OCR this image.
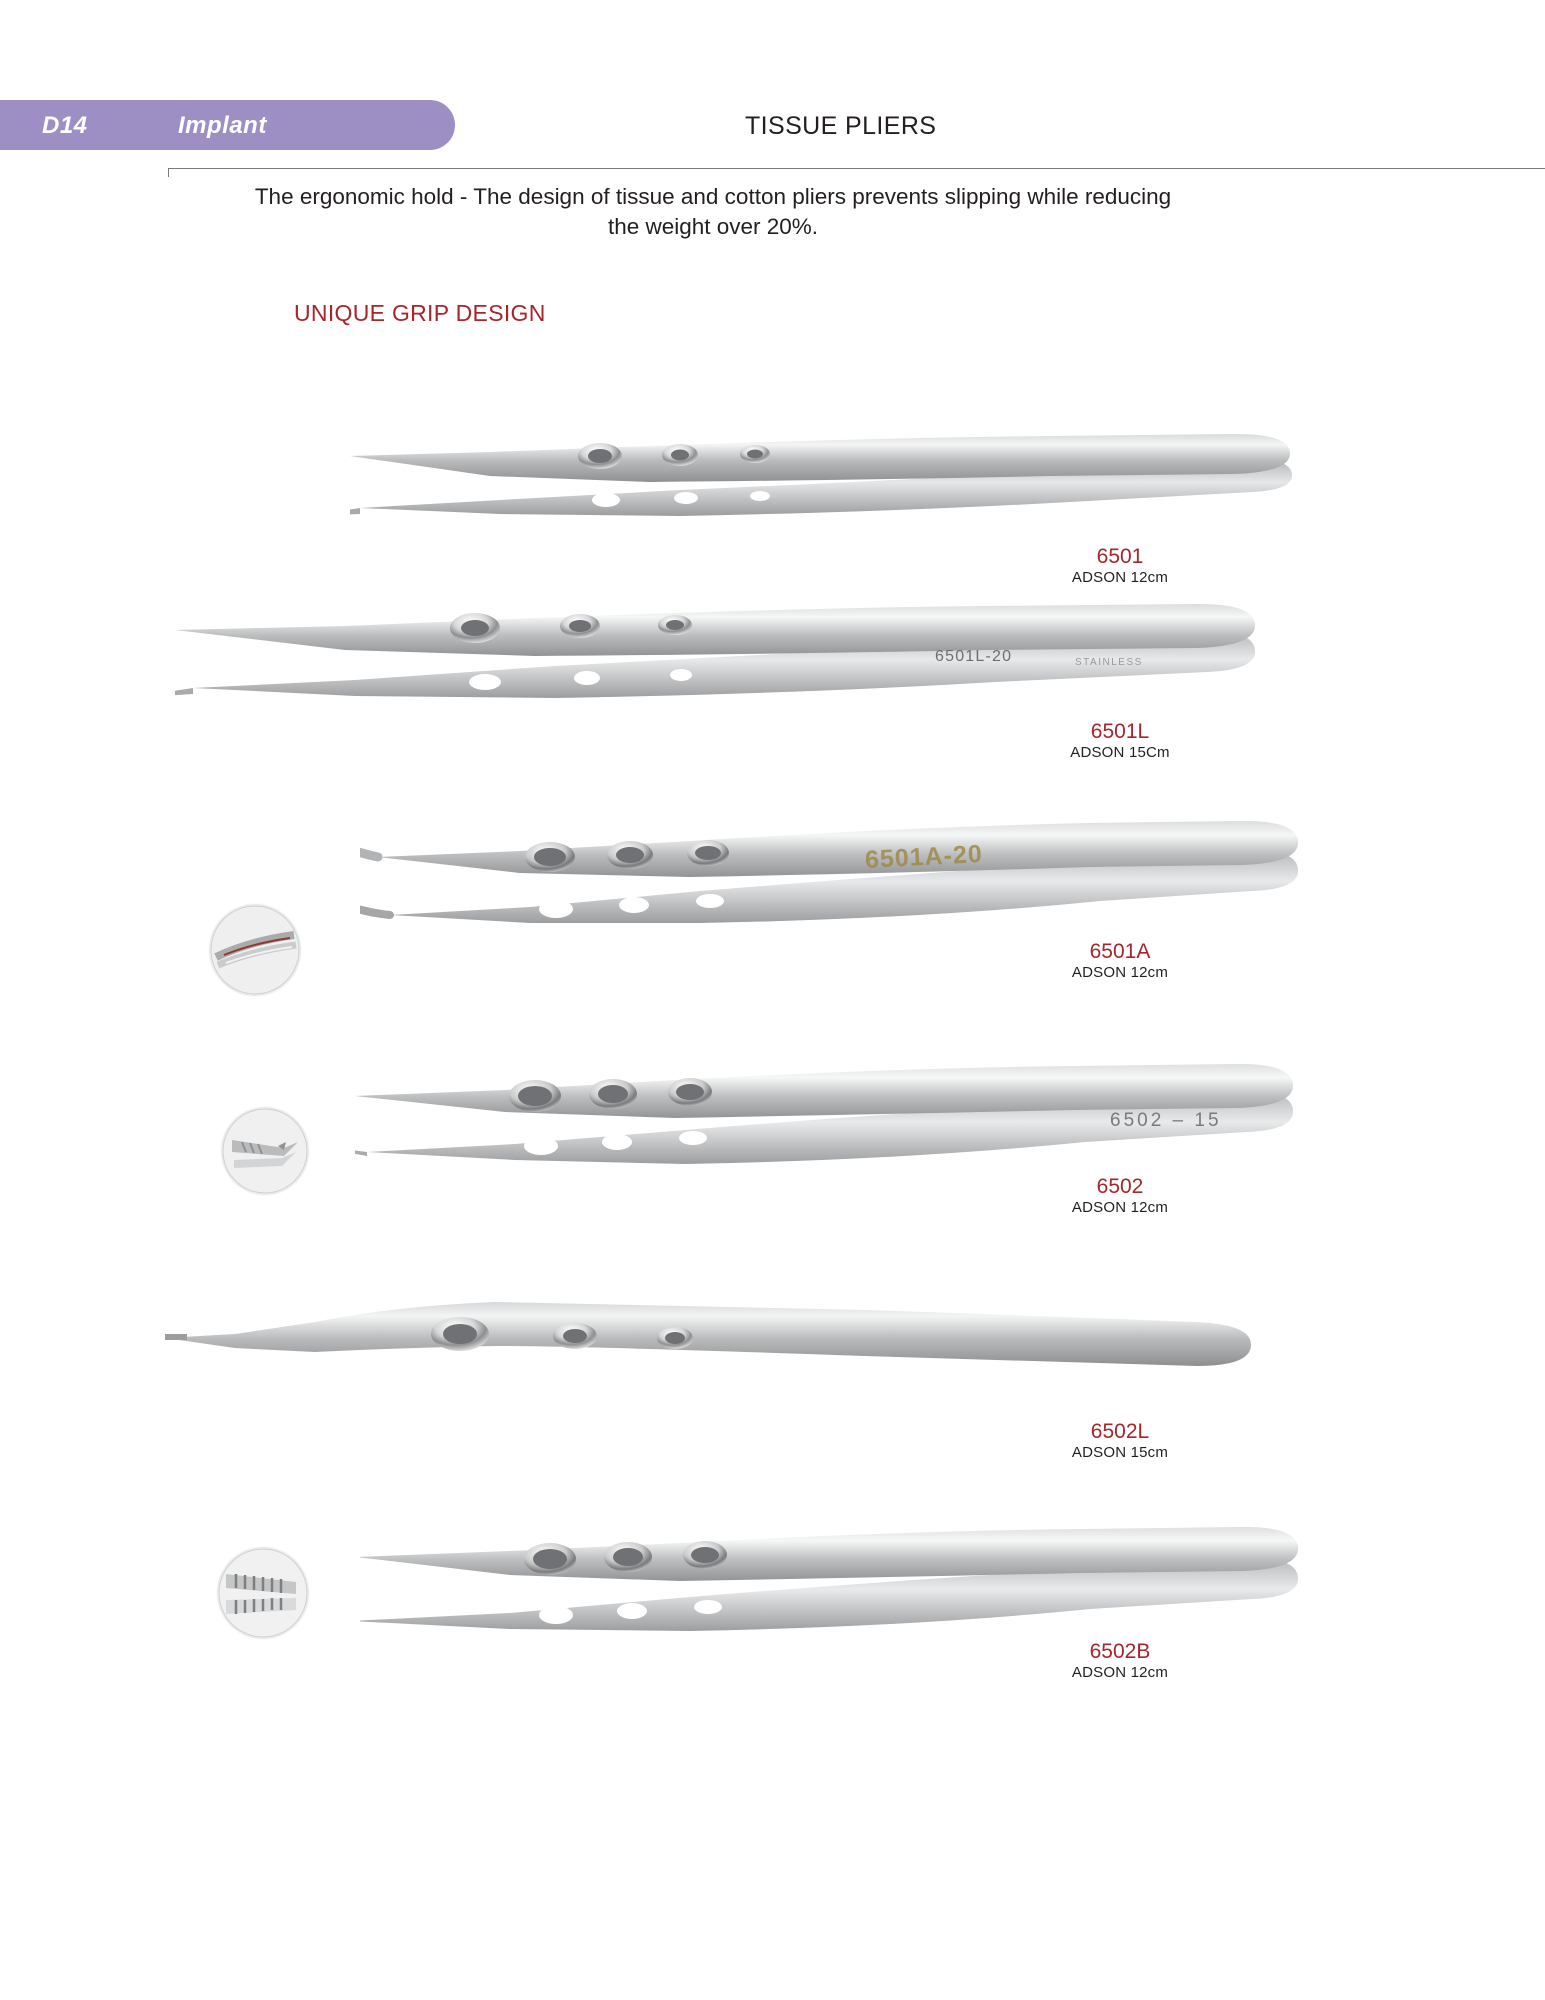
D14	Implant	TISSUE PLIERS
The ergonomic hold - The design of tissue and cotton pliers prevents slipping while reducing
the weight over 20%.
UNIQUE GRIP DESIGN
6501
ADSON 12cm
6501L-20	STAINLESS
6501L
ADSON 15Cm
6501A-20
6501A
ADSON 12cm
6502 – 15
6502
ADSON 12cm
6502L
ADSON 15cm
6502B
ADSON 12cm
